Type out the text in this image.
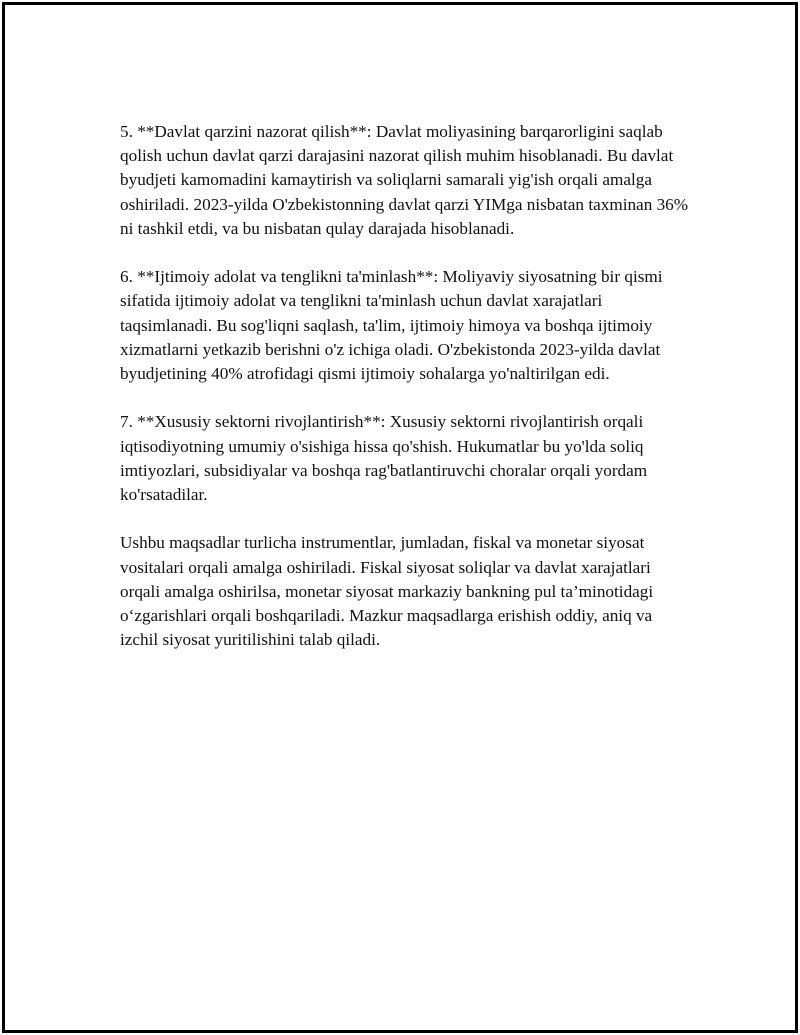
5. **Davlat qarzini nazorat qilish**: Davlat moliyasining barqarorligini saqlab qolish uchun davlat qarzi darajasini nazorat qilish muhim hisoblanadi. Bu davlat byudjeti kamomadini kamaytirish va soliqlarni samarali yig'ish orqali amalga oshiriladi. 2023-yilda O'zbekistonning davlat qarzi YIMga nisbatan taxminan 36% ni tashkil etdi, va bu nisbatan qulay darajada hisoblanadi.

6. **Ijtimoiy adolat va tenglikni ta'minlash**: Moliyaviy siyosatning bir qismi sifatida ijtimoiy adolat va tenglikni ta'minlash uchun davlat xarajatlari taqsimlanadi. Bu sog'liqni saqlash, ta'lim, ijtimoiy himoya va boshqa ijtimoiy xizmatlarni yetkazib berishni o'z ichiga oladi. O'zbekistonda 2023-yilda davlat byudjetining 40% atrofidagi qismi ijtimoiy sohalarga yo'naltirilgan edi.

7. **Xususiy sektorni rivojlantirish**: Xususiy sektorni rivojlantirish orqali iqtisodiyotning umumiy o'sishiga hissa qo'shish. Hukumatlar bu yo'lda soliq imtiyozlari, subsidiyalar va boshqa rag'batlantiruvchi choralar orqali yordam ko'rsatadilar.

Ushbu maqsadlar turlicha instrumentlar, jumladan, fiskal va monetar siyosat vositalari orqali amalga oshiriladi. Fiskal siyosat soliqlar va davlat xarajatlari orqali amalga oshirilsa, monetar siyosat markaziy bankning pul ta’minotidagi o‘zgarishlari orqali boshqariladi. Mazkur maqsadlarga erishish oddiy, aniq va izchil siyosat yuritilishini talab qiladi.
